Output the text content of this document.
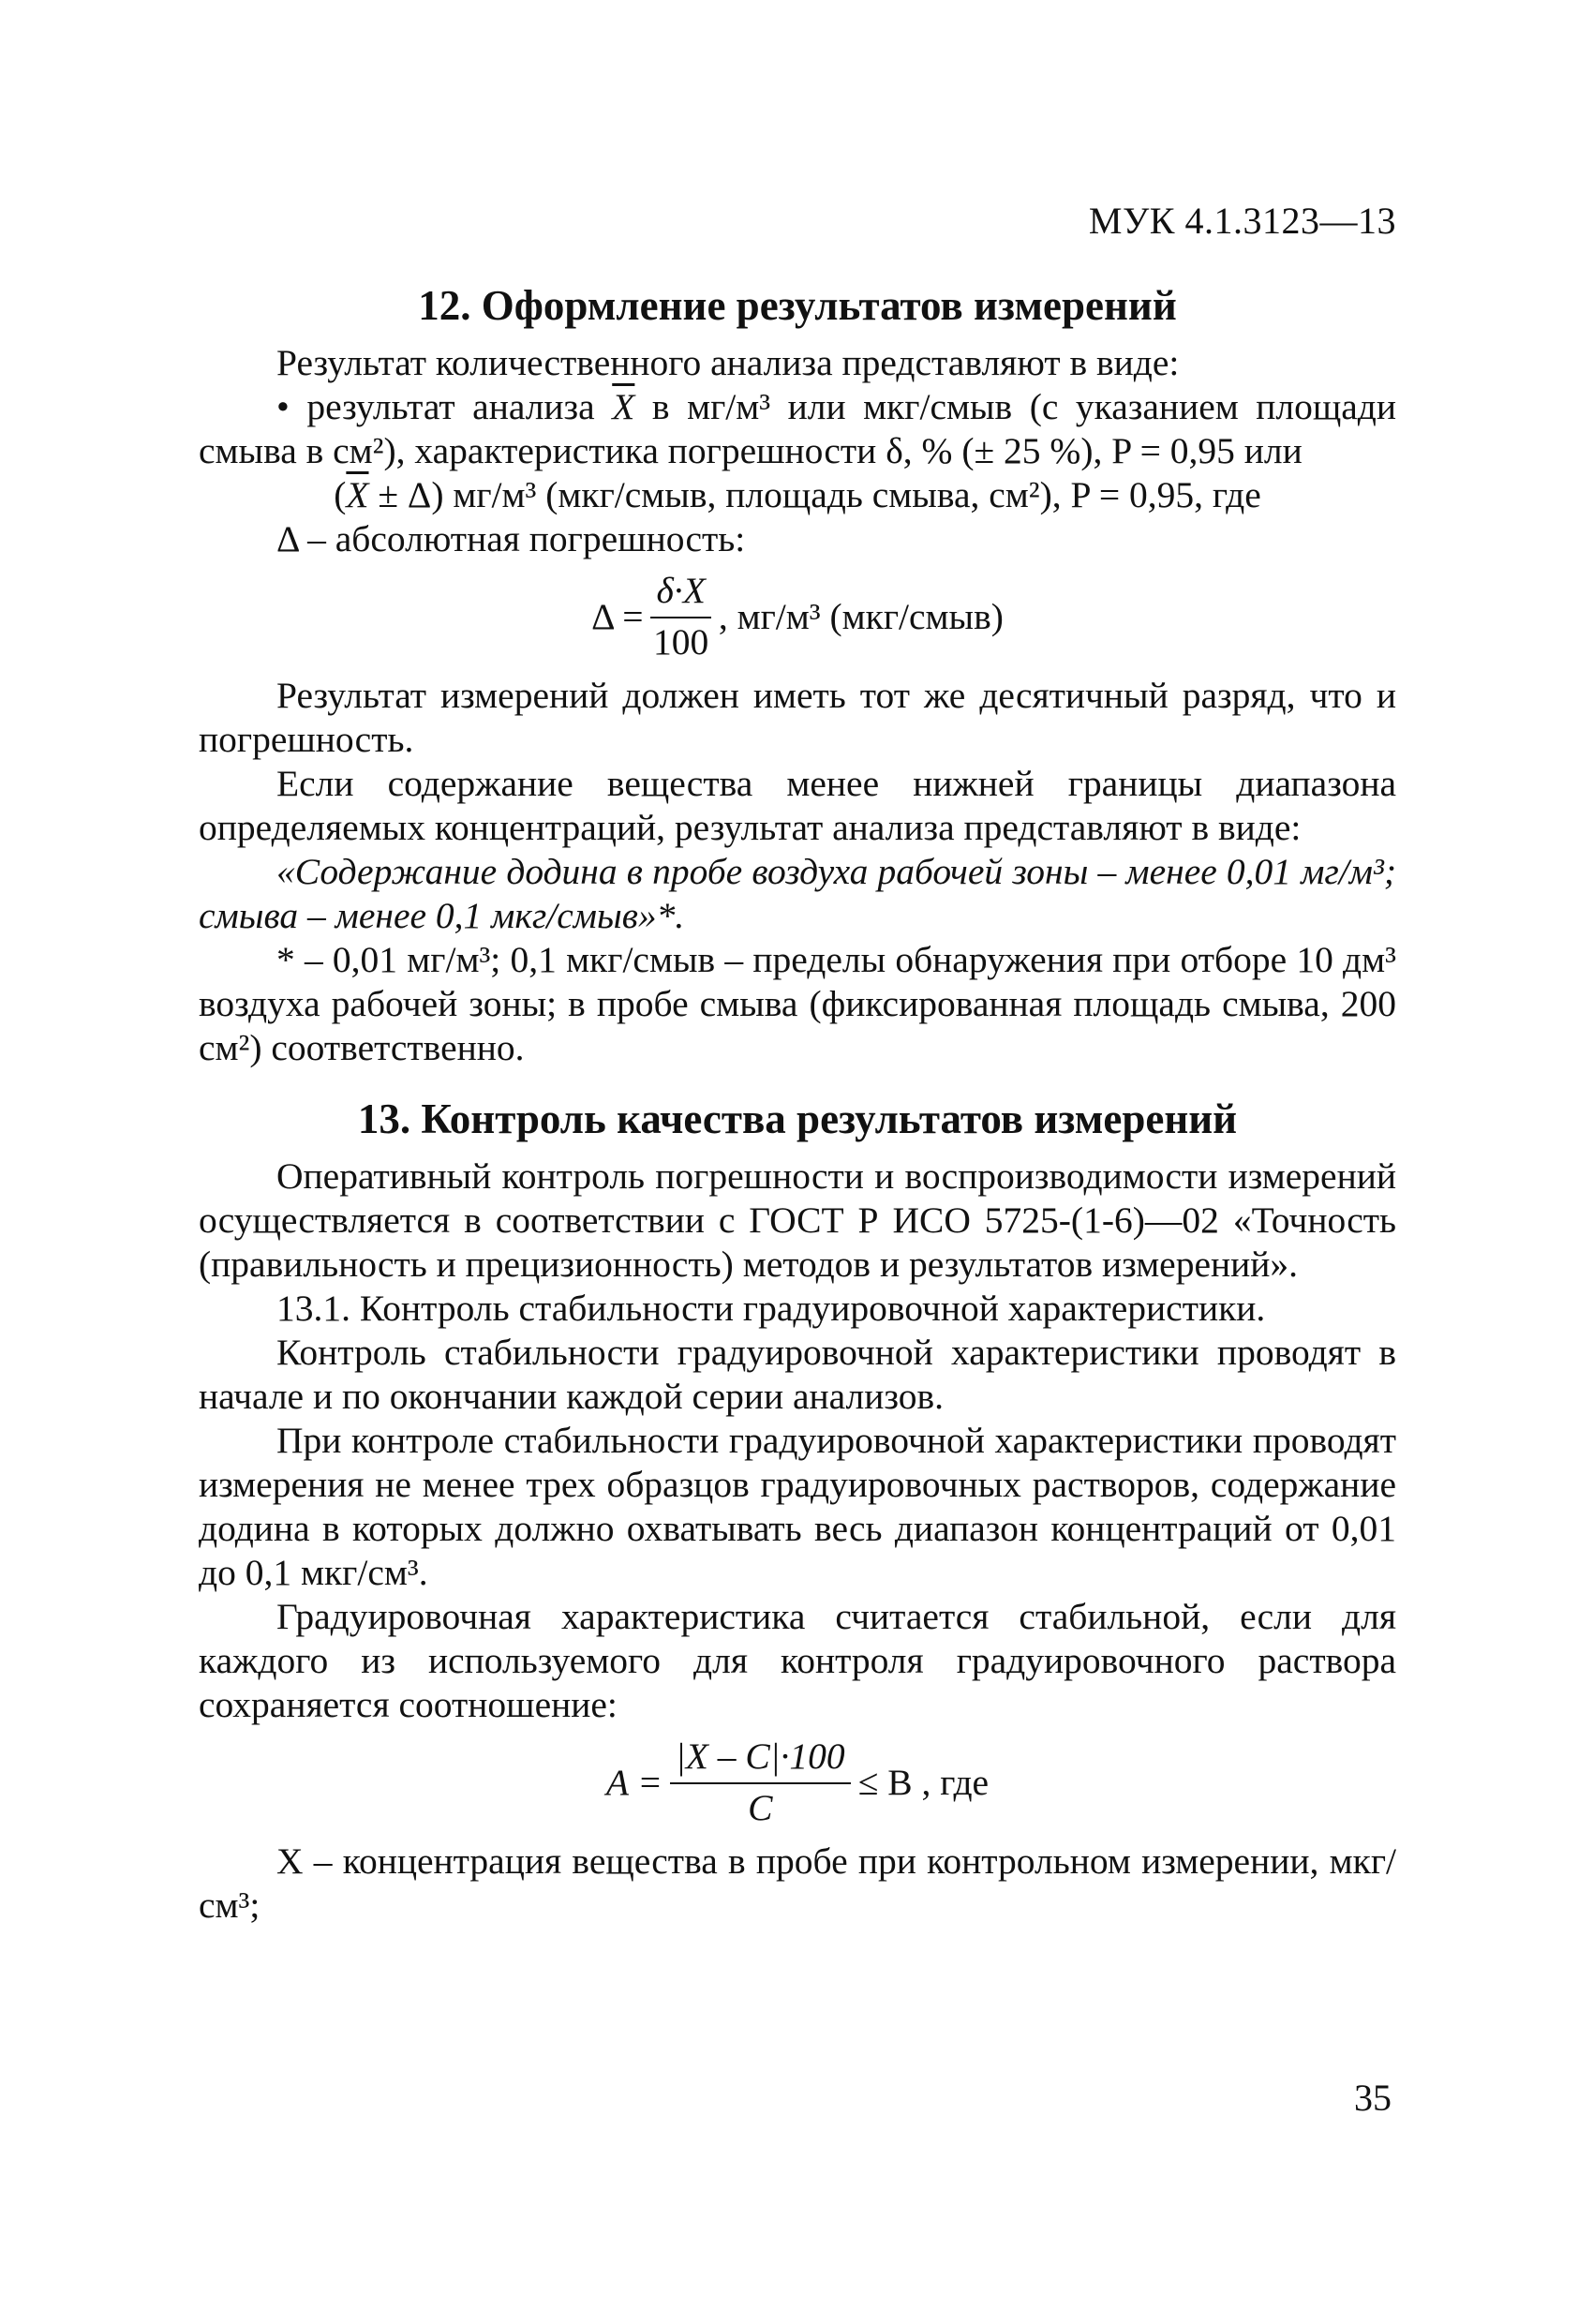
МУК 4.1.3123—13
12. Оформление результатов измерений

Результат количественного анализа представляют в виде:

• результат анализа $\overline{X}$ в мг/м³ или мкг/смыв (с указанием площади смыва в см²), характеристика погрешности δ, % (± 25 %), P = 0,95 или

$(\overline{X} \pm \Delta)$ мг/м³ (мкг/смыв, площадь смыва, см²), P = 0,95, где

Δ – абсолютная погрешность:

$\Delta = \frac{\delta\cdot X}{100}$ , мг/м³ (мкг/смыв)

Результат измерений должен иметь тот же десятичный разряд, что и погрешность.

Если содержание вещества менее нижней границы диапазона определяемых концентраций, результат анализа представляют в виде:

«Содержание додина в пробе воздуха рабочей зоны – менее 0,01 мг/м³; смыва – менее 0,1 мкг/смыв»*.

* – 0,01 мг/м³; 0,1 мкг/смыв – пределы обнаружения при отборе 10 дм³ воздуха рабочей зоны; в пробе смыва (фиксированная площадь смыва, 200 см²) соответственно.

13. Контроль качества результатов измерений

Оперативный контроль погрешности и воспроизводимости измерений осуществляется в соответствии с ГОСТ Р ИСО 5725-(1-6)—02 «Точность (правильность и прецизионность) методов и результатов измерений».

13.1. Контроль стабильности градуировочной характеристики.

Контроль стабильности градуировочной характеристики проводят в начале и по окончании каждой серии анализов.

При контроле стабильности градуировочной характеристики проводят измерения не менее трех образцов градуировочных растворов, содержание додина в которых должно охватывать весь диапазон концентраций от 0,01 до 0,1 мкг/см³.

Градуировочная характеристика считается стабильной, если для каждого из используемого для контроля градуировочного раствора сохраняется соотношение:

$A = \frac{|X - C|\cdot 100}{C} \le B$ , где

X – концентрация вещества в пробе при контрольном измерении, мкг/см³;

35
